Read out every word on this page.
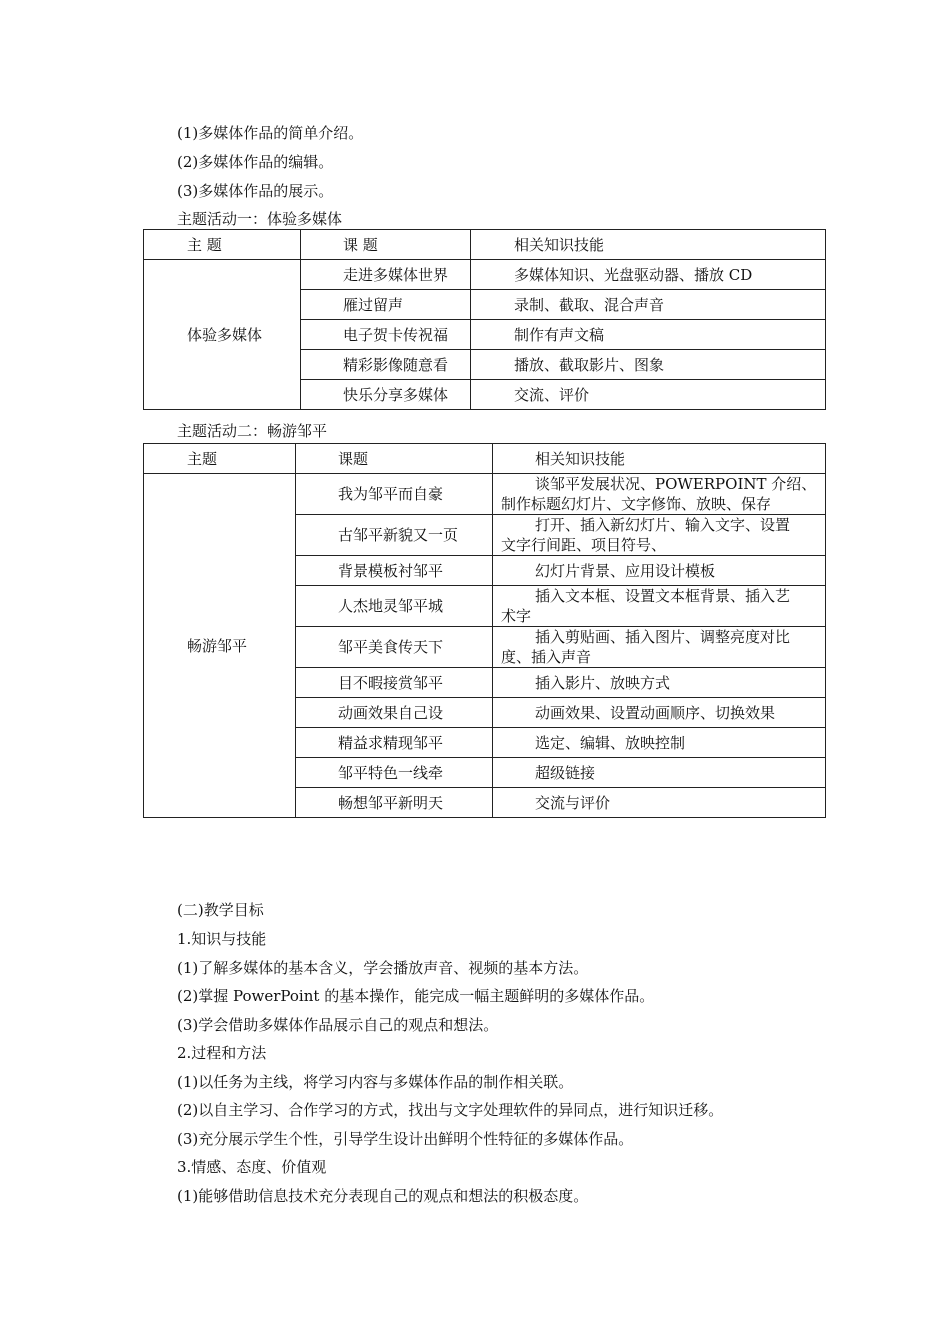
(1)多媒体作品的简单介绍。
(2)多媒体作品的编辑。
(3)多媒体作品的展示。
主题活动一：体验多媒体
主 题	课 题	相关知识技能
体验多媒体	走进多媒体世界	多媒体知识、光盘驱动器、播放 CD
	雁过留声	录制、截取、混合声音
	电子贺卡传祝福	制作有声文稿
	精彩影像随意看	播放、截取影片、图象
	快乐分享多媒体	交流、评价
主题活动二：畅游邹平
主题	课题	相关知识技能
畅游邹平	我为邹平而自豪	谈邹平发展状况、POWERPOINT 介绍、
制作标题幻灯片、文字修饰、放映、保存
	古邹平新貌又一页	打开、插入新幻灯片、输入文字、设置
文字行间距、项目符号、
	背景模板衬邹平	幻灯片背景、应用设计模板
	人杰地灵邹平城	插入文本框、设置文本框背景、插入艺
术字
	邹平美食传天下	插入剪贴画、插入图片、调整亮度对比
度、插入声音
	目不暇接赏邹平	插入影片、放映方式
	动画效果自己设	动画效果、设置动画顺序、切换效果
	精益求精现邹平	选定、编辑、放映控制
	邹平特色一线牵	超级链接
	畅想邹平新明天	交流与评价
(二)教学目标
1.知识与技能
(1)了解多媒体的基本含义，学会播放声音、视频的基本方法。
(2)掌握 PowerPoint 的基本操作，能完成一幅主题鲜明的多媒体作品。
(3)学会借助多媒体作品展示自己的观点和想法。
2.过程和方法
(1)以任务为主线，将学习内容与多媒体作品的制作相关联。
(2)以自主学习、合作学习的方式，找出与文字处理软件的异同点，进行知识迁移。
(3)充分展示学生个性，引导学生设计出鲜明个性特征的多媒体作品。
3.情感、态度、价值观
(1)能够借助信息技术充分表现自己的观点和想法的积极态度。
